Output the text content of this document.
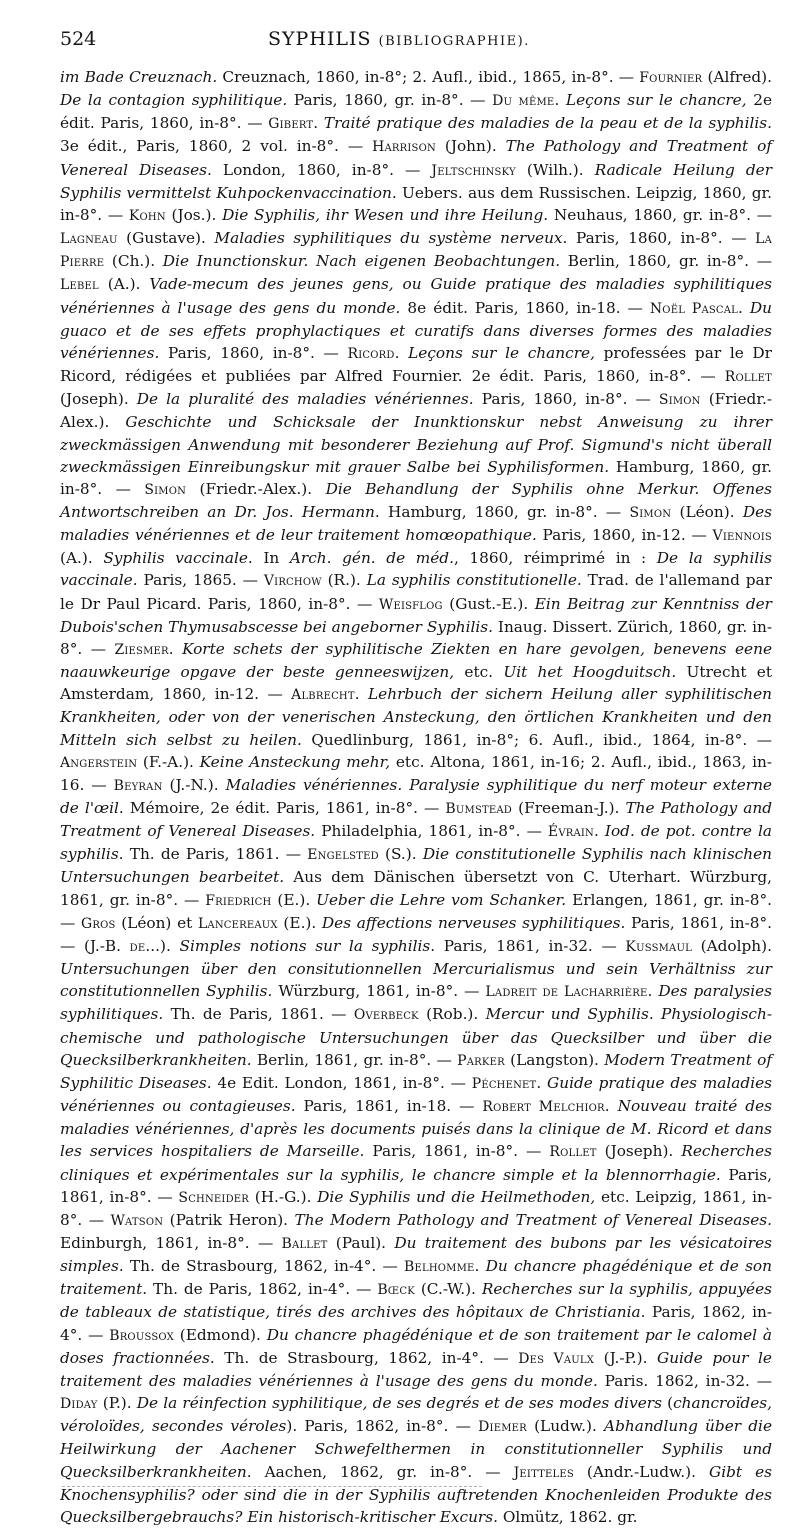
524	SYPHILIS (BIBLIOGRAPHIE).

im Bade Creuznach. Creuznach, 1860, in-8°; 2. Aufl., ibid., 1865, in-8°. — Fournier (Alfred). De la contagion syphilitique. Paris, 1860, gr. in-8°. — Du même. Leçons sur le chancre, 2e édit. Paris, 1860, in-8°. — Gibert. Traité pratique des maladies de la peau et de la syphilis. 3e édit., Paris, 1860, 2 vol. in-8°. — Harrison (John). The Pathology and Treatment of Venereal Diseases. London, 1860, in-8°. — Jeltschinsky (Wilh.). Radicale Heilung der Syphilis vermittelst Kuhpockenvaccination. Uebers. aus dem Russischen. Leipzig, 1860, gr. in-8°. — Kohn (Jos.). Die Syphilis, ihr Wesen und ihre Heilung. Neuhaus, 1860, gr. in-8°. — Lagneau (Gustave). Maladies syphilitiques du système nerveux. Paris, 1860, in-8°. — La Pierre (Ch.). Die Inunctionskur. Nach eigenen Beobachtungen. Berlin, 1860, gr. in-8°. — Lebel (A.). Vade-mecum des jeunes gens, ou Guide pratique des maladies syphilitiques vénériennes à l'usage des gens du monde. 8e édit. Paris, 1860, in-18. — Noël Pascal. Du guaco et de ses effets prophylactiques et curatifs dans diverses formes des maladies vénériennes. Paris, 1860, in-8°. — Ricord. Leçons sur le chancre, professées par le Dr Ricord, rédigées et publiées par Alfred Fournier. 2e édit. Paris, 1860, in-8°. — Rollet (Joseph). De la pluralité des maladies vénériennes. Paris, 1860, in-8°. — Simon (Friedr.-Alex.). Geschichte und Schicksale der Inunktionskur nebst Anweisung zu ihrer zweckmässigen Anwendung mit besonderer Beziehung auf Prof. Sigmund's nicht überall zweckmässigen Einreibungskur mit grauer Salbe bei Syphilisformen. Hamburg, 1860, gr. in-8°. — Simon (Friedr.-Alex.). Die Behandlung der Syphilis ohne Merkur. Offenes Antwortschreiben an Dr. Jos. Hermann. Hamburg, 1860, gr. in-8°. — Simon (Léon). Des maladies vénériennes et de leur traitement homœopathique. Paris, 1860, in-12. — Viennois (A.). Syphilis vaccinale. In Arch. gén. de méd., 1860, réimprimé in : De la syphilis vaccinale. Paris, 1865. — Virchow (R.). La syphilis constitutionelle. Trad. de l'allemand par le Dr Paul Picard. Paris, 1860, in-8°. — Weisflog (Gust.-E.). Ein Beitrag zur Kenntniss der Dubois'schen Thymusabscesse bei angeborner Syphilis. Inaug. Dissert. Zürich, 1860, gr. in-8°. — Ziesmer. Korte schets der syphilitische Ziekten en hare gevolgen, benevens eene naauwkeurige opgave der beste genneeswijzen, etc. Uit het Hoogduitsch. Utrecht et Amsterdam, 1860, in-12. — Albrecht. Lehrbuch der sichern Heilung aller syphilitischen Krankheiten, oder von der venerischen Ansteckung, den örtlichen Krankheiten und den Mitteln sich selbst zu heilen. Quedlinburg, 1861, in-8°; 6. Aufl., ibid., 1864, in-8°. — Angerstein (F.-A.). Keine Ansteckung mehr, etc. Altona, 1861, in-16; 2. Aufl., ibid., 1863, in-16. — Beyran (J.-N.). Maladies vénériennes. Paralysie syphilitique du nerf moteur externe de l'œil. Mémoire, 2e édit. Paris, 1861, in-8°. — Bumstead (Freeman-J.). The Pathology and Treatment of Venereal Diseases. Philadelphia, 1861, in-8°. — Évrain. Iod. de pot. contre la syphilis. Th. de Paris, 1861. — Engelsted (S.). Die constitutionelle Syphilis nach klinischen Untersuchungen bearbeitet. Aus dem Dänischen übersetzt von C. Uterhart. Würzburg, 1861, gr. in-8°. — Friedrich (E.). Ueber die Lehre vom Schanker. Erlangen, 1861, gr. in-8°. — Gros (Léon) et Lancereaux (E.). Des affections nerveuses syphilitiques. Paris, 1861, in-8°. — (J.-B. de...). Simples notions sur la syphilis. Paris, 1861, in-32. — Kussmaul (Adolph). Untersuchungen über den consitutionnellen Mercurialismus und sein Verhältniss zur constitutionnellen Syphilis. Würzburg, 1861, in-8°. — Ladreit de Lacharrière. Des paralysies syphilitiques. Th. de Paris, 1861. — Overbeck (Rob.). Mercur und Syphilis. Physiologisch-chemische und pathologische Untersuchungen über das Quecksilber und über die Quecksilberkrankheiten. Berlin, 1861, gr. in-8°. — Parker (Langston). Modern Treatment of Syphilitic Diseases. 4e Edit. London, 1861, in-8°. — Péchenet. Guide pratique des maladies vénériennes ou contagieuses. Paris, 1861, in-18. — Robert Melchior. Nouveau traité des maladies vénériennes, d'après les documents puisés dans la clinique de M. Ricord et dans les services hospitaliers de Marseille. Paris, 1861, in-8°. — Rollet (Joseph). Recherches cliniques et expérimentales sur la syphilis, le chancre simple et la blennorrhagie. Paris, 1861, in-8°. — Schneider (H.-G.). Die Syphilis und die Heilmethoden, etc. Leipzig, 1861, in-8°. — Watson (Patrik Heron). The Modern Pathology and Treatment of Venereal Diseases. Edinburgh, 1861, in-8°. — Ballet (Paul). Du traitement des bubons par les vésicatoires simples. Th. de Strasbourg, 1862, in-4°. — Belhomme. Du chancre phagédénique et de son traitement. Th. de Paris, 1862, in-4°. — Bœck (C.-W.). Recherches sur la syphilis, appuyées de tableaux de statistique, tirés des archives des hôpitaux de Christiania. Paris, 1862, in-4°. — Broussox (Edmond). Du chancre phagédénique et de son traitement par le calomel à doses fractionnées. Th. de Strasbourg, 1862, in-4°. — Des Vaulx (J.-P.). Guide pour le traitement des maladies vénériennes à l'usage des gens du monde. Paris. 1862, in-32. — Diday (P.). De la réinfection syphilitique, de ses degrés et de ses modes divers (chancroïdes, véroloïdes, secondes véroles). Paris, 1862, in-8°. — Diemer (Ludw.). Abhandlung über die Heilwirkung der Aachener Schwefelthermen in constitutionneller Syphilis und Quecksilberkrankheiten. Aachen, 1862, gr. in-8°. — Jeitteles (Andr.-Ludw.). Gibt es Knochensyphilis? oder sind die in der Syphilis auftretenden Knochenleiden Produkte des Quecksilbergebrauchs? Ein historisch-kritischer Excurs. Olmütz, 1862. gr.
